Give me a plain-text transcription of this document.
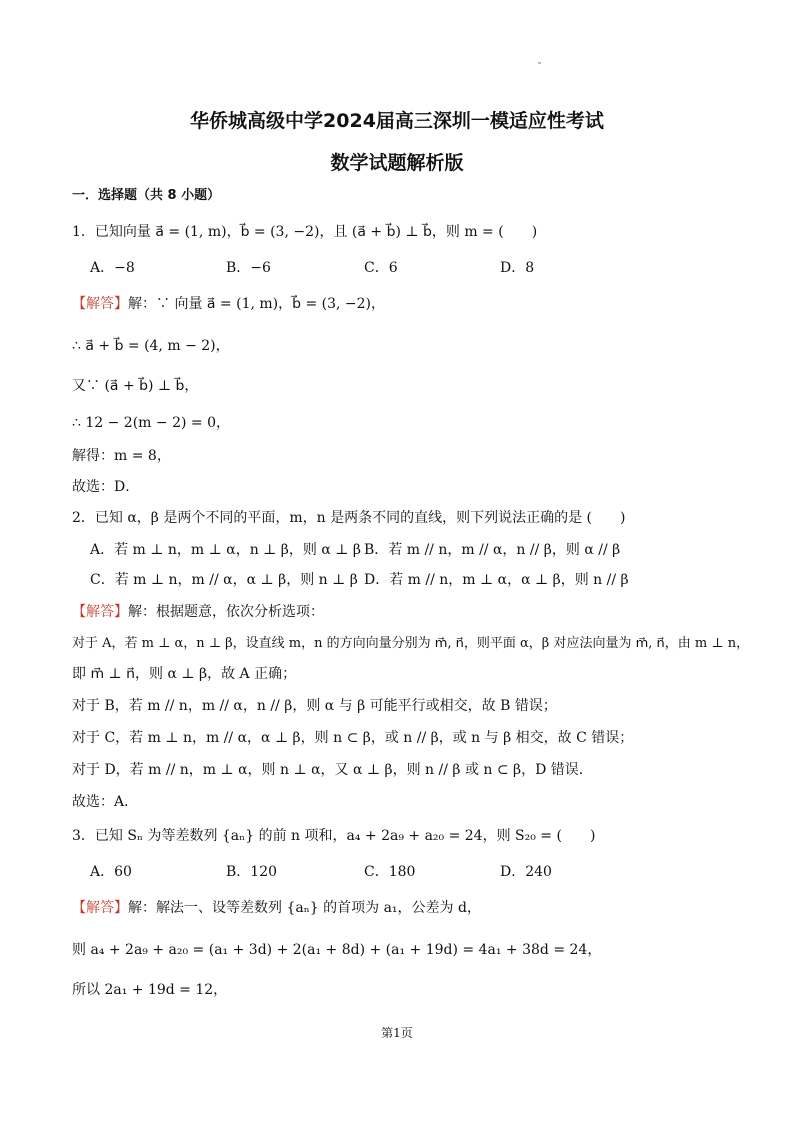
华侨城高级中学2024届高三深圳一模适应性考试
数学试题解析版
一．选择题（共 8 小题）
1．已知向量 a⃗ = (1, m)，b⃗ = (3, −2)，且 (a⃗ + b⃗) ⊥ b⃗，则 m = (　　)
A．−8	B．−6	C．6	D．8
【解答】解：∵ 向量 a⃗ = (1, m)，b⃗ = (3, −2)，
∴ a⃗ + b⃗ = (4, m − 2)，
又∵ (a⃗ + b⃗) ⊥ b⃗，
∴ 12 − 2(m − 2) = 0，
解得：m = 8，
故选：D．
2．已知 α，β 是两个不同的平面，m，n 是两条不同的直线，则下列说法正确的是 (　　)
A．若 m ⊥ n，m ⊥ α，n ⊥ β，则 α ⊥ β B．若 m // n，m // α，n // β，则 α // β
C．若 m ⊥ n，m // α，α ⊥ β，则 n ⊥ β D．若 m // n，m ⊥ α，α ⊥ β，则 n // β
【解答】解：根据题意，依次分析选项：
对于 A，若 m ⊥ α，n ⊥ β，设直线 m，n 的方向向量分别为 m⃗, n⃗，则平面 α，β 对应法向量为 m⃗, n⃗，由 m ⊥ n，
即 m⃗ ⊥ n⃗，则 α ⊥ β，故 A 正确；
对于 B，若 m // n，m // α，n // β，则 α 与 β 可能平行或相交，故 B 错误；
对于 C，若 m ⊥ n，m // α，α ⊥ β，则 n ⊂ β，或 n // β，或 n 与 β 相交，故 C 错误；
对于 D，若 m // n，m ⊥ α，则 n ⊥ α，又 α ⊥ β，则 n // β 或 n ⊂ β，D 错误．
故选：A．
3．已知 Sₙ 为等差数列 {aₙ} 的前 n 项和，a₄ + 2a₉ + a₂₀ = 24，则 S₂₀ = (　　)
A．60	B．120	C．180	D．240
【解答】解：解法一、设等差数列 {aₙ} 的首项为 a₁，公差为 d，
则 a₄ + 2a₉ + a₂₀ = (a₁ + 3d) + 2(a₁ + 8d) + (a₁ + 19d) = 4a₁ + 38d = 24，
所以 2a₁ + 19d = 12，
第1页
